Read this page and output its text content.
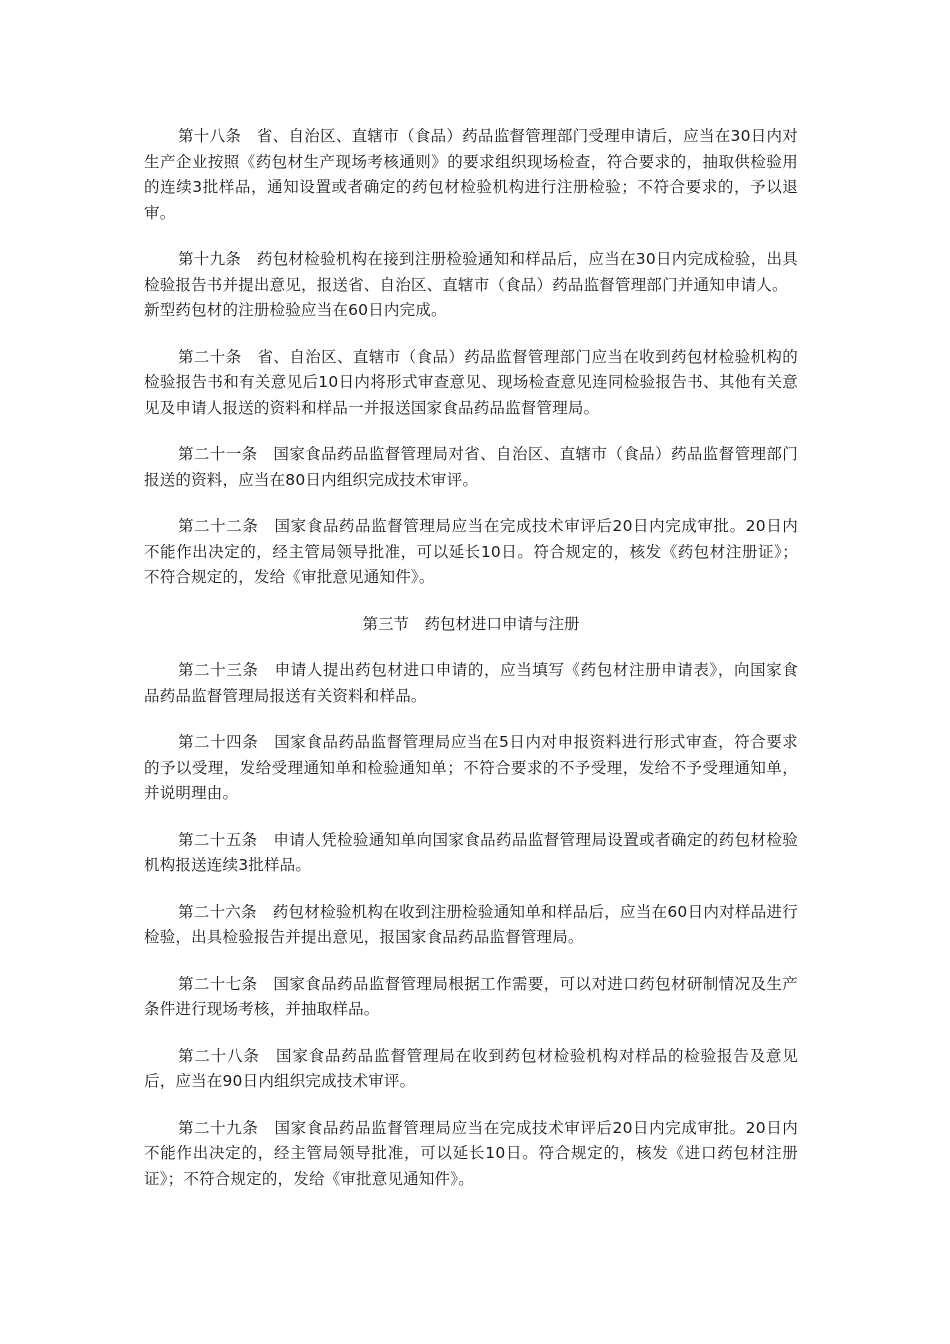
第十八条　省、自治区、直辖市（食品）药品监督管理部门受理申请后，应当在30日内对生产企业按照《药包材生产现场考核通则》的要求组织现场检查，符合要求的，抽取供检验用的连续3批样品，通知设置或者确定的药包材检验机构进行注册检验；不符合要求的，予以退审。

第十九条　药包材检验机构在接到注册检验通知和样品后，应当在30日内完成检验，出具检验报告书并提出意见，报送省、自治区、直辖市（食品）药品监督管理部门并通知申请人。

新型药包材的注册检验应当在60日内完成。

第二十条　省、自治区、直辖市（食品）药品监督管理部门应当在收到药包材检验机构的检验报告书和有关意见后10日内将形式审查意见、现场检查意见连同检验报告书、其他有关意见及申请人报送的资料和样品一并报送国家食品药品监督管理局。

第二十一条　国家食品药品监督管理局对省、自治区、直辖市（食品）药品监督管理部门报送的资料，应当在80日内组织完成技术审评。

第二十二条　国家食品药品监督管理局应当在完成技术审评后20日内完成审批。20日内不能作出决定的，经主管局领导批准，可以延长10日。符合规定的，核发《药包材注册证》；不符合规定的，发给《审批意见通知件》。

第三节　药包材进口申请与注册

第二十三条　申请人提出药包材进口申请的，应当填写《药包材注册申请表》，向国家食品药品监督管理局报送有关资料和样品。

第二十四条　国家食品药品监督管理局应当在5日内对申报资料进行形式审查，符合要求的予以受理，发给受理通知单和检验通知单；不符合要求的不予受理，发给不予受理通知单，并说明理由。

第二十五条　申请人凭检验通知单向国家食品药品监督管理局设置或者确定的药包材检验机构报送连续3批样品。

第二十六条　药包材检验机构在收到注册检验通知单和样品后，应当在60日内对样品进行检验，出具检验报告并提出意见，报国家食品药品监督管理局。

第二十七条　国家食品药品监督管理局根据工作需要，可以对进口药包材研制情况及生产条件进行现场考核，并抽取样品。

第二十八条　国家食品药品监督管理局在收到药包材检验机构对样品的检验报告及意见后，应当在90日内组织完成技术审评。

第二十九条　国家食品药品监督管理局应当在完成技术审评后20日内完成审批。20日内不能作出决定的，经主管局领导批准，可以延长10日。符合规定的，核发《进口药包材注册证》；不符合规定的，发给《审批意见通知件》。
